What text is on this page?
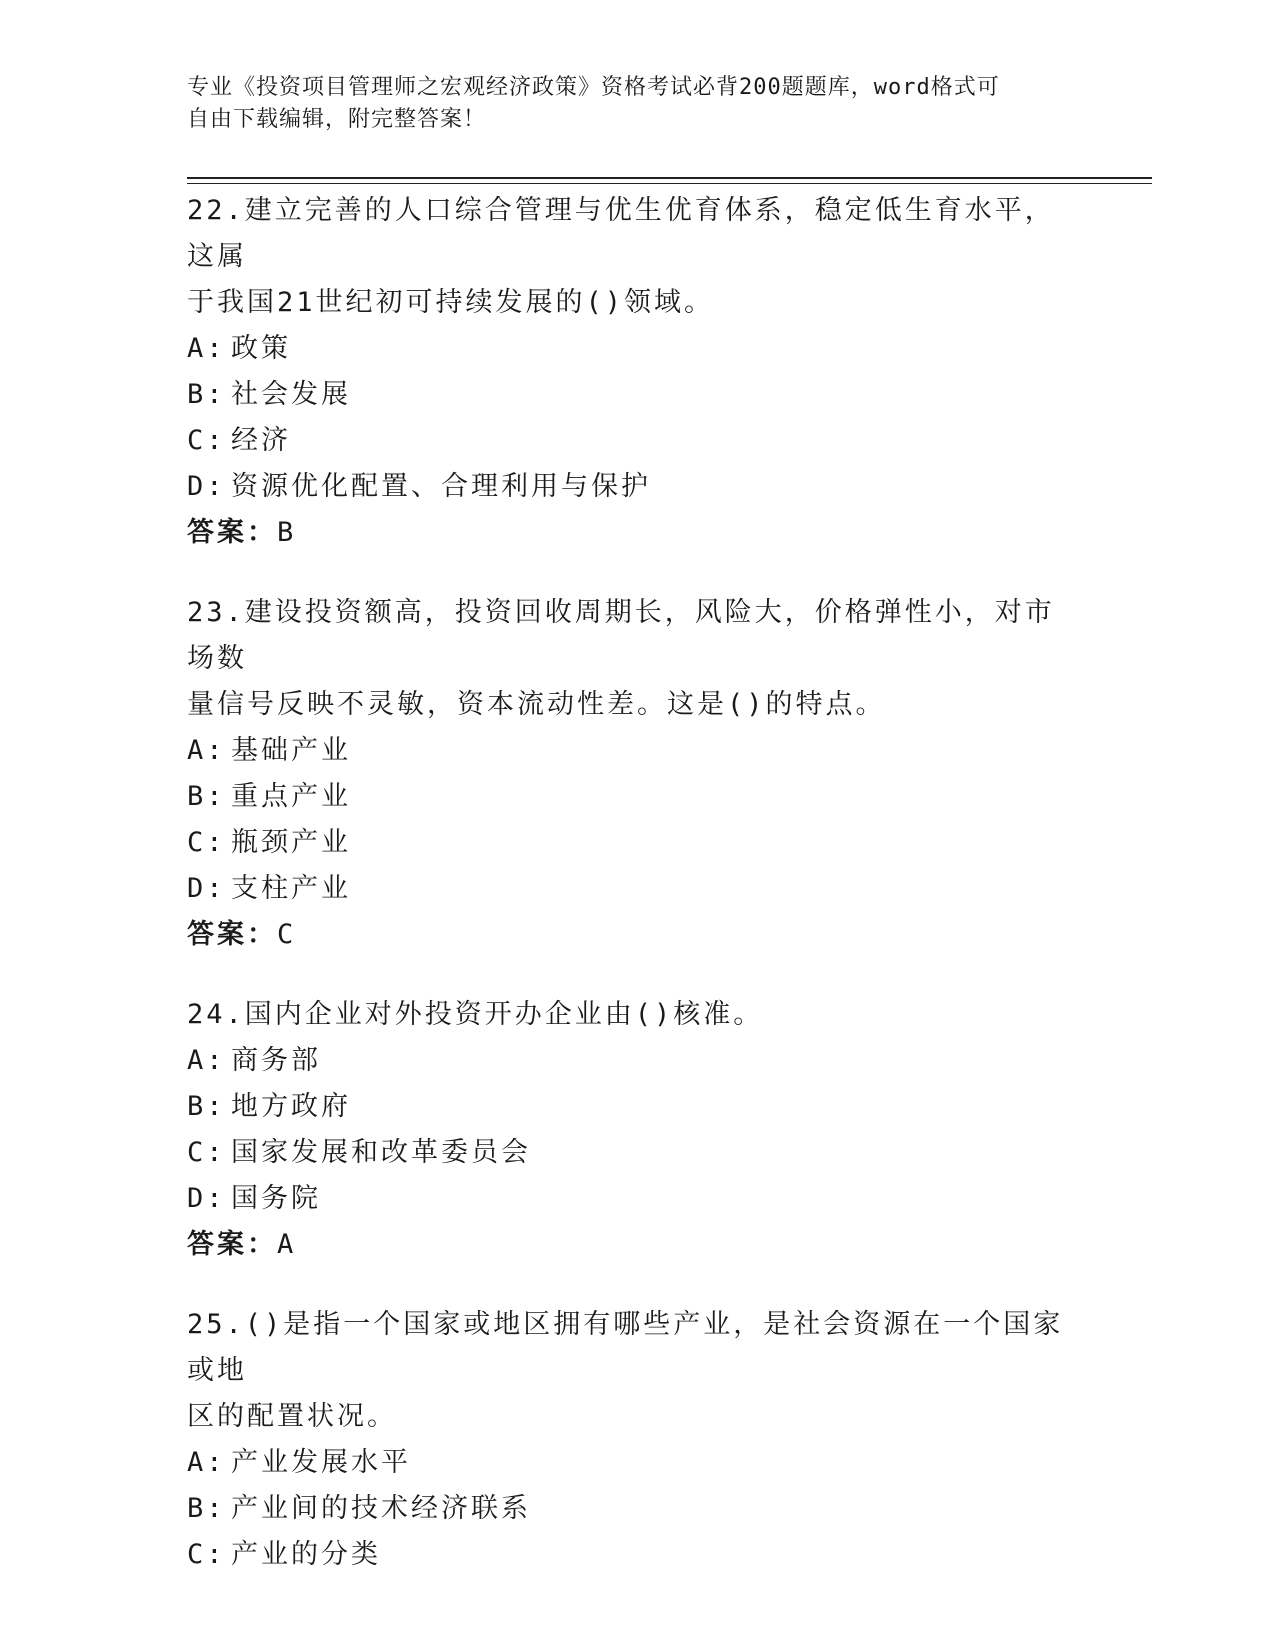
专业《投资项目管理师之宏观经济政策》资格考试必背200题题库，word格式可
自由下载编辑，附完整答案！
22.建立完善的人口综合管理与优生优育体系，稳定低生育水平，这属
于我国21世纪初可持续发展的()领域。
A: 政策
B: 社会发展
C: 经济
D: 资源优化配置、合理利用与保护
答案：B
23.建设投资额高，投资回收周期长，风险大，价格弹性小，对市场数
量信号反映不灵敏，资本流动性差。这是()的特点。
A: 基础产业
B: 重点产业
C: 瓶颈产业
D: 支柱产业
答案：C
24.国内企业对外投资开办企业由()核准。
A: 商务部
B: 地方政府
C: 国家发展和改革委员会
D: 国务院
答案：A
25.()是指一个国家或地区拥有哪些产业，是社会资源在一个国家或地
区的配置状况。
A: 产业发展水平
B: 产业间的技术经济联系
C: 产业的分类
